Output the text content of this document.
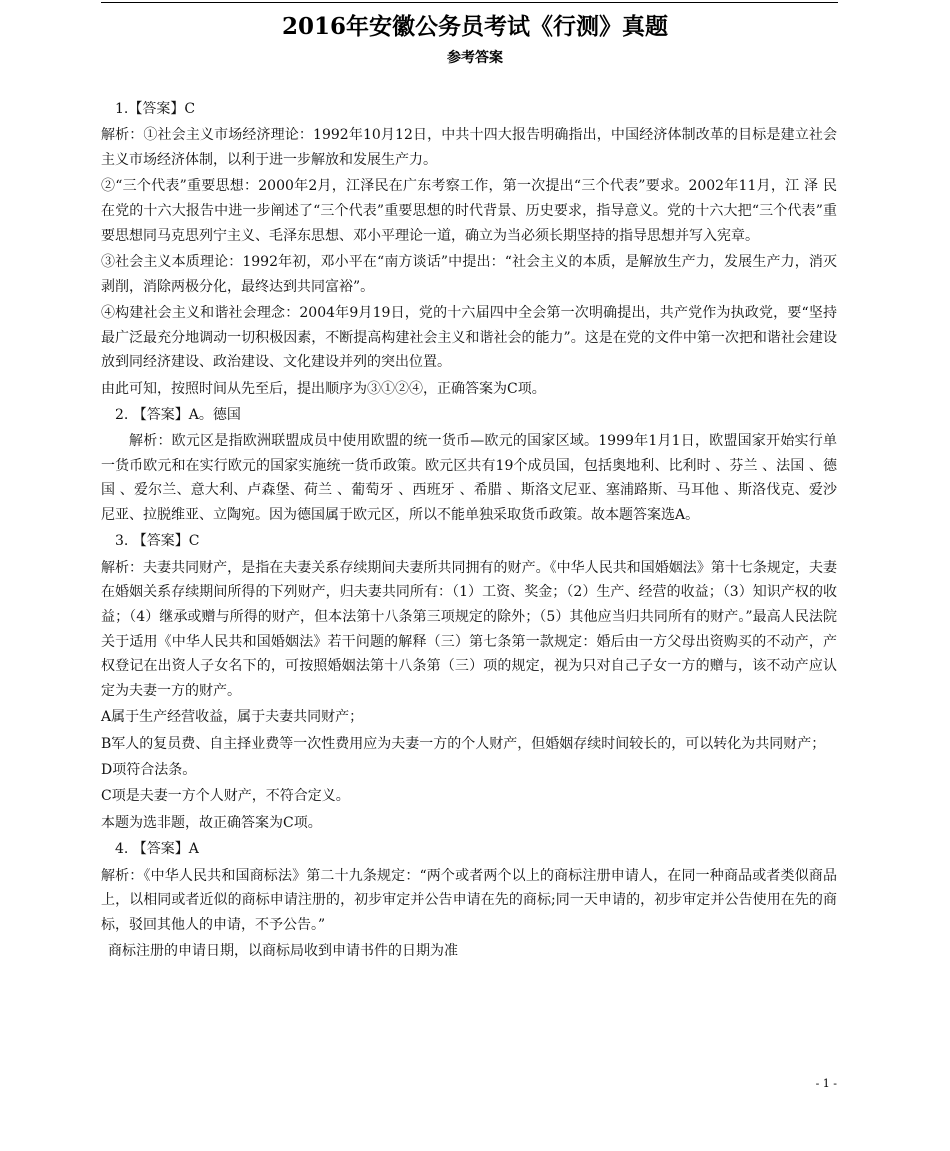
2016年安徽公务员考试《行测》真题
参考答案

1.【答案】C

解析：①社会主义市场经济理论：1992年10月12日，中共十四大报告明确指出，中国经济体制改革的目标是建立社会主义市场经济体制，以利于进一步解放和发展生产力。

②“三个代表”重要思想：2000年2月，江泽民在广东考察工作，第一次提出“三个代表”要求。2002年11月，江 泽 民在党的十六大报告中进一步阐述了“三个代表”重要思想的时代背景、历史要求，指导意义。党的十六大把“三个代表”重要思想同马克思列宁主义、毛泽东思想、邓小平理论一道，确立为当必须长期坚持的指导思想并写入宪章。

③社会主义本质理论：1992年初，邓小平在“南方谈话”中提出：“社会主义的本质，是解放生产力，发展生产力，消灭剥削，消除两极分化，最终达到共同富裕”。

④构建社会主义和谐社会理念：2004年9月19日，党的十六届四中全会第一次明确提出，共产党作为执政党，要“坚持最广泛最充分地调动一切积极因素，不断提高构建社会主义和谐社会的能力”。这是在党的文件中第一次把和谐社会建设放到同经济建设、政治建设、文化建设并列的突出位置。

由此可知，按照时间从先至后，提出顺序为③①②④，正确答案为C项。

2. 【答案】A。德国

解析：欧元区是指欧洲联盟成员中使用欧盟的统一货币—欧元的国家区域。1999年1月1日，欧盟国家开始实行单一货币欧元和在实行欧元的国家实施统一货币政策。欧元区共有19个成员国，包括奥地利、比利时 、芬兰 、法国 、德国 、爱尔兰、意大利、卢森堡、荷兰 、葡萄牙 、西班牙 、希腊 、斯洛文尼亚、塞浦路斯、马耳他 、斯洛伐克、爱沙尼亚、拉脱维亚、立陶宛。因为德国属于欧元区，所以不能单独采取货币政策。故本题答案选A。

3. 【答案】C

解析：夫妻共同财产，是指在夫妻关系存续期间夫妻所共同拥有的财产。《中华人民共和国婚姻法》第十七条规定，夫妻在婚姻关系存续期间所得的下列财产，归夫妻共同所有：（1）工资、奖金；（2）生产、经营的收益；（3）知识产权的收益；（4）继承或赠与所得的财产，但本法第十八条第三项规定的除外；（5）其他应当归共同所有的财产。”最高人民法院关于适用《中华人民共和国婚姻法》若干问题的解释（三）第七条第一款规定：婚后由一方父母出资购买的不动产，产权登记在出资人子女名下的，可按照婚姻法第十八条第（三）项的规定，视为只对自己子女一方的赠与，该不动产应认定为夫妻一方的财产。

A属于生产经营收益，属于夫妻共同财产；

B军人的复员费、自主择业费等一次性费用应为夫妻一方的个人财产，但婚姻存续时间较长的，可以转化为共同财产；

D项符合法条。

C项是夫妻一方个人财产，不符合定义。

本题为选非题，故正确答案为C项。

4. 【答案】A

解析：《中华人民共和国商标法》第二十九条规定：“两个或者两个以上的商标注册申请人，在同一种商品或者类似商品上，以相同或者近似的商标申请注册的，初步审定并公告申请在先的商标;同一天申请的，初步审定并公告使用在先的商标，驳回其他人的申请，不予公告。”

商标注册的申请日期，以商标局收到申请书件的日期为准

- 1 -
